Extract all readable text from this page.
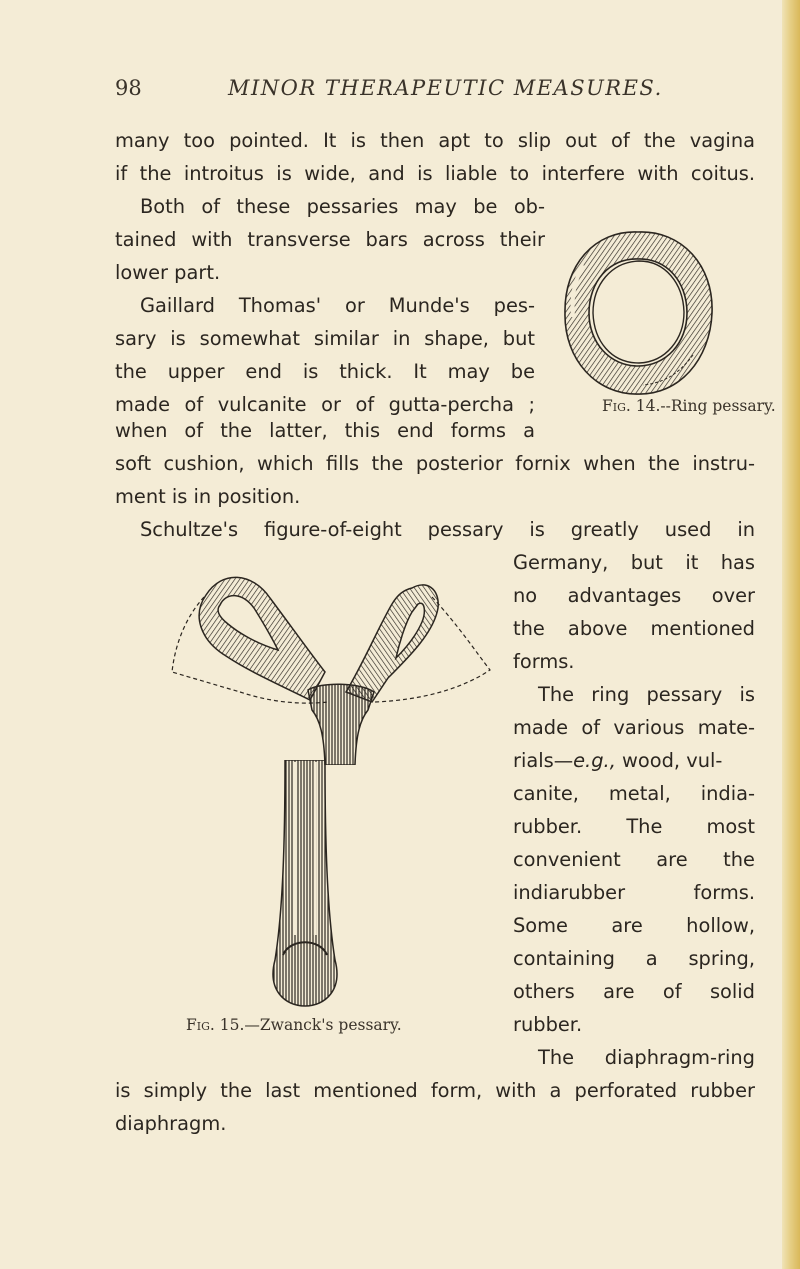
98	MINOR THERAPEUTIC MEASURES.
many too pointed. It is then apt to slip out of the vagina
if the introitus is wide, and is liable to interfere with coitus.
Both of these pessaries may be ob-
tained with transverse bars across their
lower part.
Gaillard Thomas' or Munde's pes-
sary is somewhat similar in shape, but
the upper end is thick. It may be
made of vulcanite or of gutta-percha ;
when of the latter, this end forms a
soft cushion, which fills the posterior fornix when the instru-
ment is in position.
Schultze's figure-of-eight pessary is greatly used in
Germany, but it has
no advantages over
the above mentioned
forms.
The ring pessary is
made of various mate-
rials—e.g., wood, vul-
canite, metal, india-
rubber. The most
convenient are the
indiarubber forms.
Some are hollow,
containing a spring,
others are of solid
rubber.
The diaphragm-ring
is simply the last mentioned form, with a perforated rubber
diaphragm.
Fig. 14.--Ring pessary.
Fig. 15.—Zwanck's pessary.
